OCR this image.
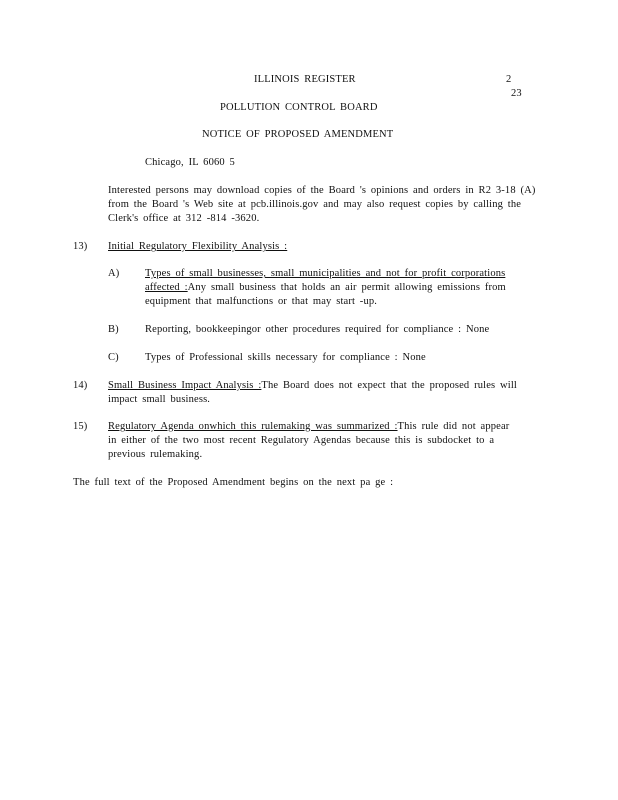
ILLINOIS REGISTER	2
23
POLLUTION CONTROL BOARD
NOTICE OF PROPOSED AMENDMENT
Chicago, IL 6060 5
Interested persons may download copies of the Board 's opinions and orders in R2 3-18 (A)
from the Board 's Web site at pcb.illinois.gov and may also request copies by calling the
Clerk's office at 312 -814 -3620.
13) Initial Regulatory Flexibility Analysis :
A) Types of small businesses, small municipalities and not for profit corporations
affected :Any small business that holds an air permit allowing emissions from
equipment that malfunctions or that may start -up.
B) Reporting, bookkeepingor other procedures required for compliance : None
C) Types of Professional skills necessary for compliance : None
14) Small Business Impact Analysis :The Board does not expect that the proposed rules will
impact small business.
15) Regulatory Agenda onwhich this rulemaking was summarized :This rule did not appear
in either of the two most recent Regulatory Agendas because this is subdocket to a
previous rulemaking.
The full text of the Proposed Amendment begins on the next pa ge :
